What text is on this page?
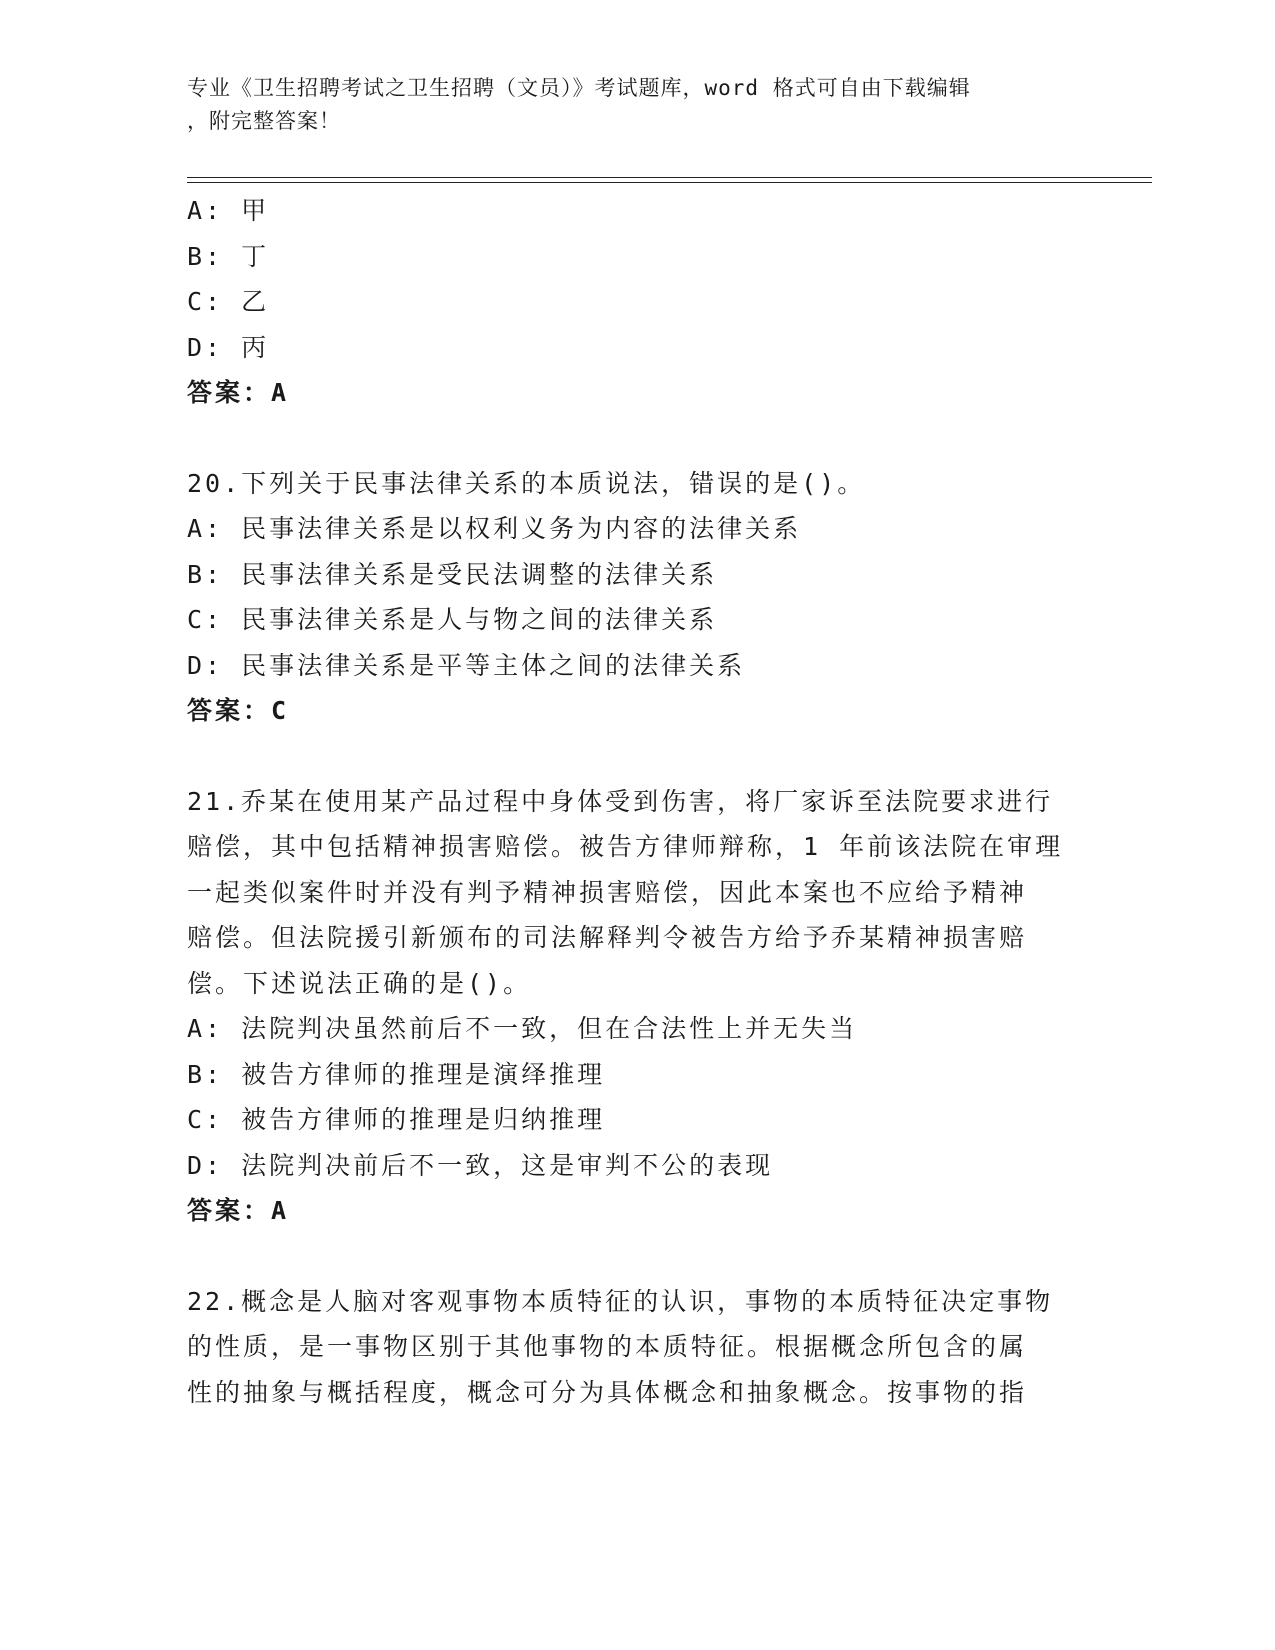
专业《卫生招聘考试之卫生招聘（文员）》考试题库，word 格式可自由下载编辑
，附完整答案！
A: 甲
B: 丁
C: 乙
D: 丙
答案：A
20.下列关于民事法律关系的本质说法，错误的是()。
A: 民事法律关系是以权利义务为内容的法律关系
B: 民事法律关系是受民法调整的法律关系
C: 民事法律关系是人与物之间的法律关系
D: 民事法律关系是平等主体之间的法律关系
答案：C
21.乔某在使用某产品过程中身体受到伤害，将厂家诉至法院要求进行
赔偿，其中包括精神损害赔偿。被告方律师辩称，1 年前该法院在审理
一起类似案件时并没有判予精神损害赔偿，因此本案也不应给予精神
赔偿。但法院援引新颁布的司法解释判令被告方给予乔某精神损害赔
偿。下述说法正确的是()。
A: 法院判决虽然前后不一致，但在合法性上并无失当
B: 被告方律师的推理是演绎推理
C: 被告方律师的推理是归纳推理
D: 法院判决前后不一致，这是审判不公的表现
答案：A
22.概念是人脑对客观事物本质特征的认识，事物的本质特征决定事物
的性质，是一事物区别于其他事物的本质特征。根据概念所包含的属
性的抽象与概括程度，概念可分为具体概念和抽象概念。按事物的指
